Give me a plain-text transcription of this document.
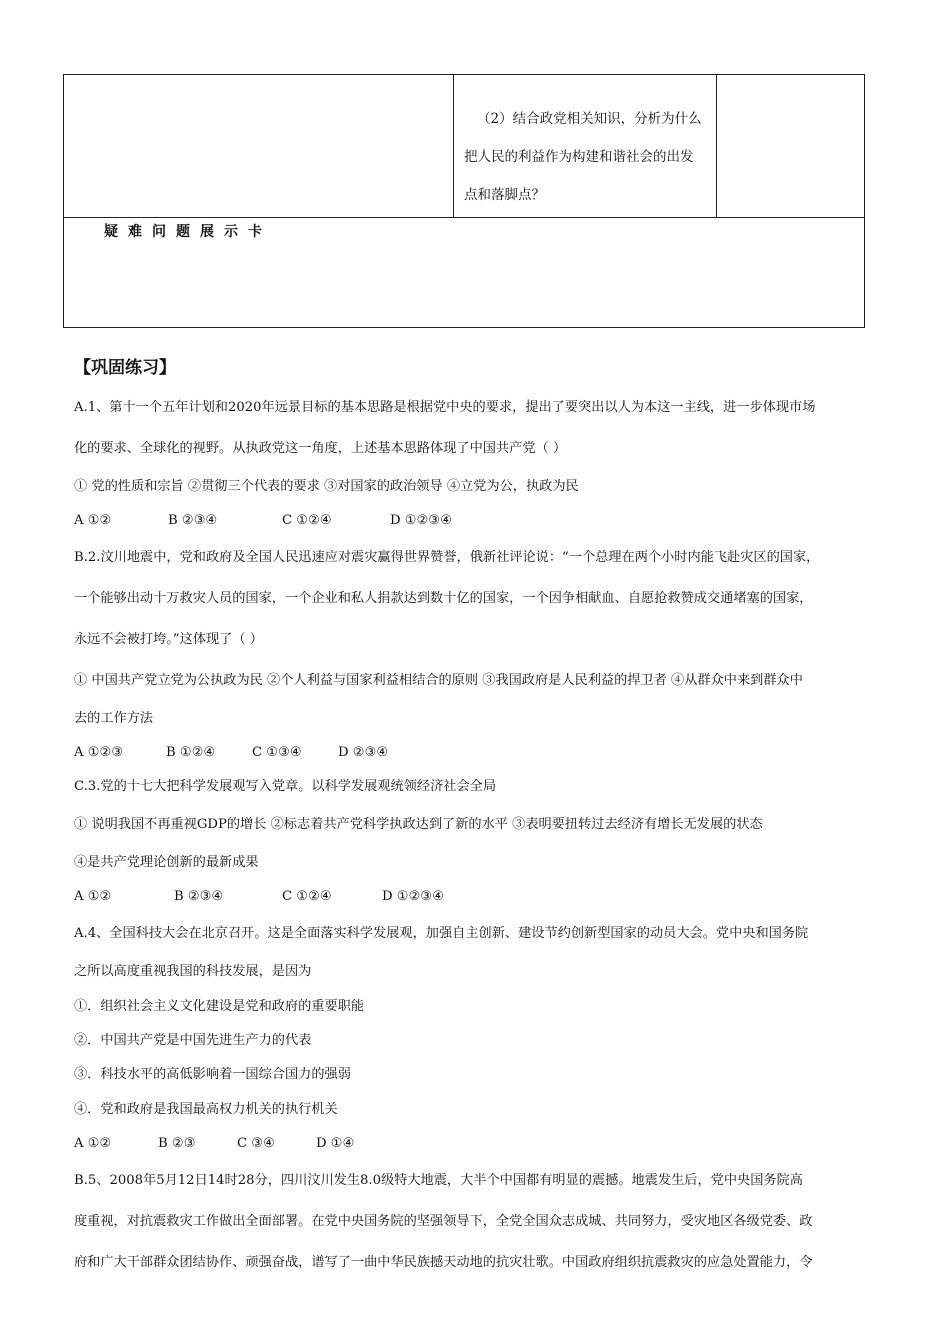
（2）结合政党相关知识，分析为什么
把人民的利益作为构建和谐社会的出发
点和落脚点？
疑难问题展示卡
【巩固练习】
A.1、第十一个五年计划和2020年远景目标的基本思路是根据党中央的要求，提出了要突出以人为本这一主线，进一步体现市场
化的要求、全球化的视野。从执政党这一角度，上述基本思路体现了中国共产党（ ）
① 党的性质和宗旨 ②贯彻三个代表的要求 ③对国家的政治领导 ④立党为公，执政为民
A ①②	B ②③④	C ①②④	D ①②③④
B.2.汶川地震中，党和政府及全国人民迅速应对震灾赢得世界赞誉，俄新社评论说：“一个总理在两个小时内能飞赴灾区的国家，
一个能够出动十万救灾人员的国家，一个企业和私人捐款达到数十亿的国家，一个因争相献血、自愿抢救赞成交通堵塞的国家，
永远不会被打垮。”这体现了（ ）
① 中国共产党立党为公执政为民 ②个人利益与国家利益相结合的原则 ③我国政府是人民利益的捍卫者 ④从群众中来到群众中
去的工作方法
A ①②③	B ①②④	C ①③④	D ②③④
C.3.党的十七大把科学发展观写入党章。以科学发展观统领经济社会全局
① 说明我国不再重视GDP的增长 ②标志着共产党科学执政达到了新的水平 ③表明要扭转过去经济有增长无发展的状态
④是共产党理论创新的最新成果
A ①②	B ②③④	C ①②④	D ①②③④
A.4、全国科技大会在北京召开。这是全面落实科学发展观，加强自主创新、建设节约创新型国家的动员大会。党中央和国务院
之所以高度重视我国的科技发展，是因为
①．组织社会主义文化建设是党和政府的重要职能
②．中国共产党是中国先进生产力的代表
③．科技水平的高低影响着一国综合国力的强弱
④．党和政府是我国最高权力机关的执行机关
A ①②	B ②③	C ③④	D ①④
B.5、2008年5月12日14时28分，四川汶川发生8.0级特大地震，大半个中国都有明显的震撼。地震发生后，党中央国务院高
度重视，对抗震救灾工作做出全面部署。在党中央国务院的坚强领导下，全党全国众志成城、共同努力，受灾地区各级党委、政
府和广大干部群众团结协作、顽强奋战，谱写了一曲中华民族撼天动地的抗灾壮歌。中国政府组织抗震救灾的应急处置能力，令
